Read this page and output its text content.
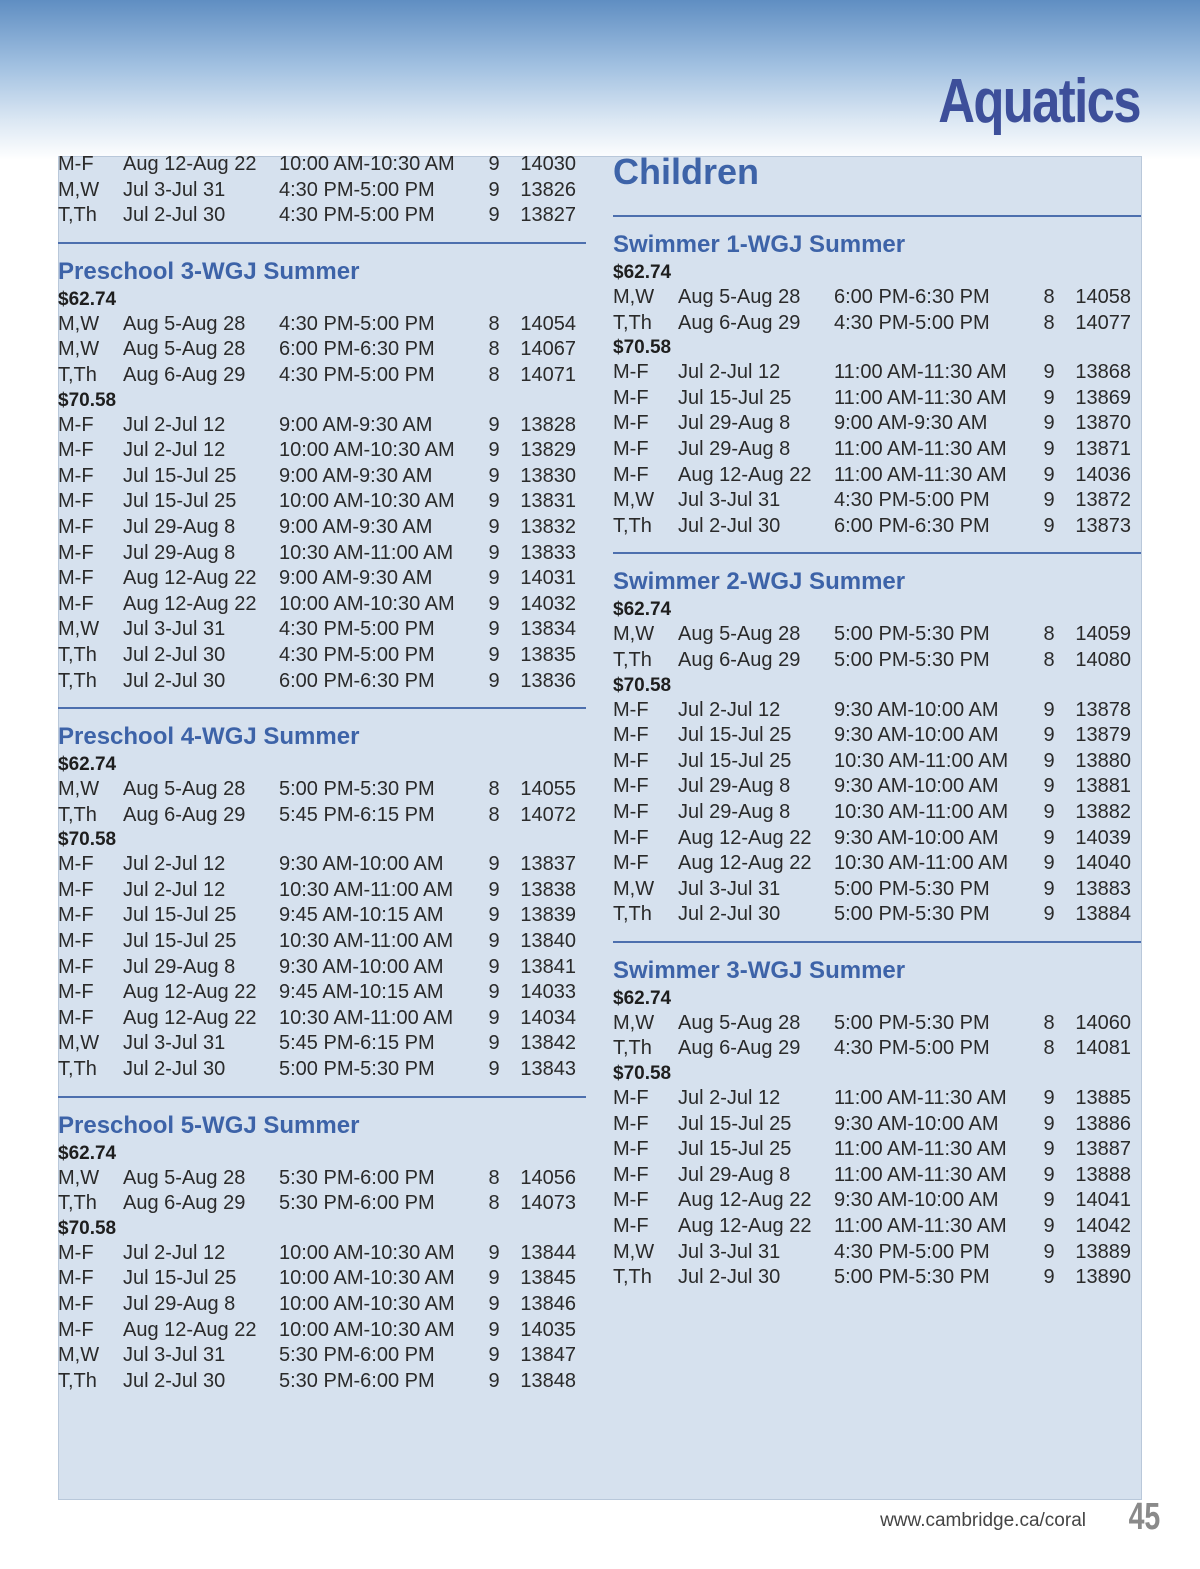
Aquatics
M-F	Aug 12-Aug 22	10:00 AM-10:30 AM	9	14030
M,W	Jul 3-Jul 31	4:30 PM-5:00 PM	9	13826
T,Th	Jul 2-Jul 30	4:30 PM-5:00 PM	9	13827
Preschool 3-WGJ Summer
$62.74
M,W	Aug 5-Aug 28	4:30 PM-5:00 PM	8	14054
M,W	Aug 5-Aug 28	6:00 PM-6:30 PM	8	14067
T,Th	Aug 6-Aug 29	4:30 PM-5:00 PM	8	14071
$70.58
M-F	Jul 2-Jul 12	9:00 AM-9:30 AM	9	13828
M-F	Jul 2-Jul 12	10:00 AM-10:30 AM	9	13829
M-F	Jul 15-Jul 25	9:00 AM-9:30 AM	9	13830
M-F	Jul 15-Jul 25	10:00 AM-10:30 AM	9	13831
M-F	Jul 29-Aug 8	9:00 AM-9:30 AM	9	13832
M-F	Jul 29-Aug 8	10:30 AM-11:00 AM	9	13833
M-F	Aug 12-Aug 22	9:00 AM-9:30 AM	9	14031
M-F	Aug 12-Aug 22	10:00 AM-10:30 AM	9	14032
M,W	Jul 3-Jul 31	4:30 PM-5:00 PM	9	13834
T,Th	Jul 2-Jul 30	4:30 PM-5:00 PM	9	13835
T,Th	Jul 2-Jul 30	6:00 PM-6:30 PM	9	13836
Preschool 4-WGJ Summer
$62.74
M,W	Aug 5-Aug 28	5:00 PM-5:30 PM	8	14055
T,Th	Aug 6-Aug 29	5:45 PM-6:15 PM	8	14072
$70.58
M-F	Jul 2-Jul 12	9:30 AM-10:00 AM	9	13837
M-F	Jul 2-Jul 12	10:30 AM-11:00 AM	9	13838
M-F	Jul 15-Jul 25	9:45 AM-10:15 AM	9	13839
M-F	Jul 15-Jul 25	10:30 AM-11:00 AM	9	13840
M-F	Jul 29-Aug 8	9:30 AM-10:00 AM	9	13841
M-F	Aug 12-Aug 22	9:45 AM-10:15 AM	9	14033
M-F	Aug 12-Aug 22	10:30 AM-11:00 AM	9	14034
M,W	Jul 3-Jul 31	5:45 PM-6:15 PM	9	13842
T,Th	Jul 2-Jul 30	5:00 PM-5:30 PM	9	13843
Preschool 5-WGJ Summer
$62.74
M,W	Aug 5-Aug 28	5:30 PM-6:00 PM	8	14056
T,Th	Aug 6-Aug 29	5:30 PM-6:00 PM	8	14073
$70.58
M-F	Jul 2-Jul 12	10:00 AM-10:30 AM	9	13844
M-F	Jul 15-Jul 25	10:00 AM-10:30 AM	9	13845
M-F	Jul 29-Aug 8	10:00 AM-10:30 AM	9	13846
M-F	Aug 12-Aug 22	10:00 AM-10:30 AM	9	14035
M,W	Jul 3-Jul 31	5:30 PM-6:00 PM	9	13847
T,Th	Jul 2-Jul 30	5:30 PM-6:00 PM	9	13848
Children
Swimmer 1-WGJ Summer
$62.74
M,W	Aug 5-Aug 28	6:00 PM-6:30 PM	8	14058
T,Th	Aug 6-Aug 29	4:30 PM-5:00 PM	8	14077
$70.58
M-F	Jul 2-Jul 12	11:00 AM-11:30 AM	9	13868
M-F	Jul 15-Jul 25	11:00 AM-11:30 AM	9	13869
M-F	Jul 29-Aug 8	9:00 AM-9:30 AM	9	13870
M-F	Jul 29-Aug 8	11:00 AM-11:30 AM	9	13871
M-F	Aug 12-Aug 22	11:00 AM-11:30 AM	9	14036
M,W	Jul 3-Jul 31	4:30 PM-5:00 PM	9	13872
T,Th	Jul 2-Jul 30	6:00 PM-6:30 PM	9	13873
Swimmer 2-WGJ Summer
$62.74
M,W	Aug 5-Aug 28	5:00 PM-5:30 PM	8	14059
T,Th	Aug 6-Aug 29	5:00 PM-5:30 PM	8	14080
$70.58
M-F	Jul 2-Jul 12	9:30 AM-10:00 AM	9	13878
M-F	Jul 15-Jul 25	9:30 AM-10:00 AM	9	13879
M-F	Jul 15-Jul 25	10:30 AM-11:00 AM	9	13880
M-F	Jul 29-Aug 8	9:30 AM-10:00 AM	9	13881
M-F	Jul 29-Aug 8	10:30 AM-11:00 AM	9	13882
M-F	Aug 12-Aug 22	9:30 AM-10:00 AM	9	14039
M-F	Aug 12-Aug 22	10:30 AM-11:00 AM	9	14040
M,W	Jul 3-Jul 31	5:00 PM-5:30 PM	9	13883
T,Th	Jul 2-Jul 30	5:00 PM-5:30 PM	9	13884
Swimmer 3-WGJ Summer
$62.74
M,W	Aug 5-Aug 28	5:00 PM-5:30 PM	8	14060
T,Th	Aug 6-Aug 29	4:30 PM-5:00 PM	8	14081
$70.58
M-F	Jul 2-Jul 12	11:00 AM-11:30 AM	9	13885
M-F	Jul 15-Jul 25	9:30 AM-10:00 AM	9	13886
M-F	Jul 15-Jul 25	11:00 AM-11:30 AM	9	13887
M-F	Jul 29-Aug 8	11:00 AM-11:30 AM	9	13888
M-F	Aug 12-Aug 22	9:30 AM-10:00 AM	9	14041
M-F	Aug 12-Aug 22	11:00 AM-11:30 AM	9	14042
M,W	Jul 3-Jul 31	4:30 PM-5:00 PM	9	13889
T,Th	Jul 2-Jul 30	5:00 PM-5:30 PM	9	13890
www.cambridge.ca/coral 45
